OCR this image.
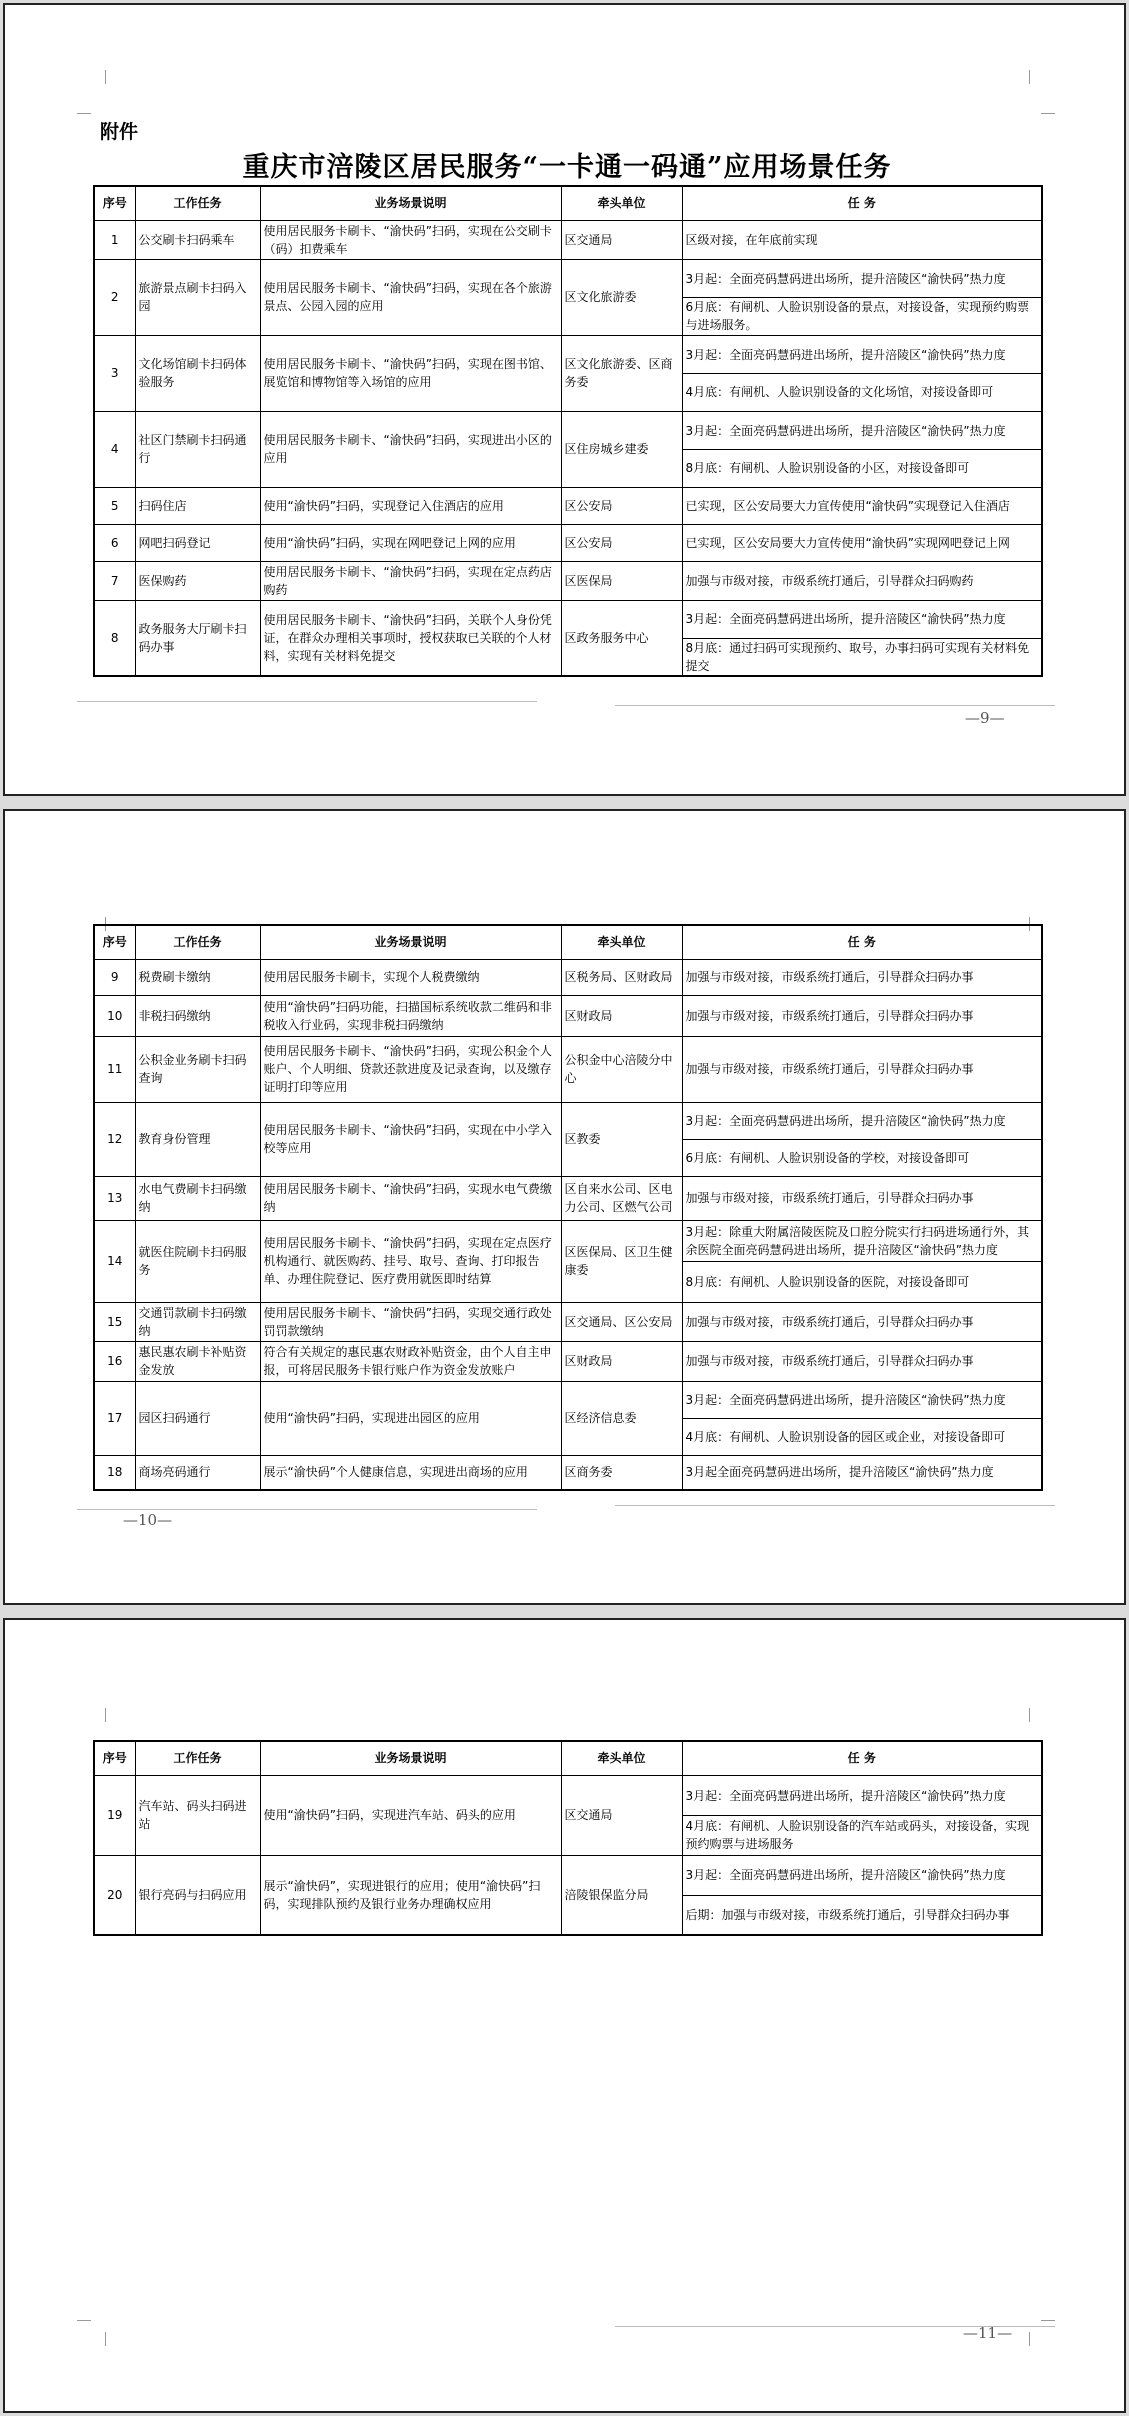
附件
重庆市涪陵区居民服务“一卡通一码通”应用场景任务
序号	工作任务	业务场景说明	牵头单位	任 务
1	公交刷卡扫码乘车	使用居民服务卡刷卡、“渝快码”扫码，实现在公交刷卡（码）扣费乘车	区交通局	区级对接，在年底前实现

2	旅游景点刷卡扫码入园	使用居民服务卡刷卡、“渝快码”扫码，实现在各个旅游景点、公园入园的应用	区文化旅游委	3月起：全面亮码慧码进出场所，提升涪陵区“渝快码”热力度
6月底：有闸机、人脸识别设备的景点，对接设备，实现预约购票与进场服务。

3	文化场馆刷卡扫码体验服务	使用居民服务卡刷卡、“渝快码”扫码，实现在图书馆、展览馆和博物馆等入场馆的应用	区文化旅游委、区商务委	3月起：全面亮码慧码进出场所，提升涪陵区“渝快码”热力度
4月底：有闸机、人脸识别设备的文化场馆，对接设备即可

4	社区门禁刷卡扫码通行	使用居民服务卡刷卡、“渝快码”扫码，实现进出小区的应用	区住房城乡建委	3月起：全面亮码慧码进出场所，提升涪陵区“渝快码”热力度
8月底：有闸机、人脸识别设备的小区，对接设备即可

5	扫码住店	使用“渝快码”扫码，实现登记入住酒店的应用	区公安局	已实现，区公安局要大力宣传使用“渝快码”实现登记入住酒店

6	网吧扫码登记	使用“渝快码”扫码，实现在网吧登记上网的应用	区公安局	已实现，区公安局要大力宣传使用“渝快码”实现网吧登记上网

7	医保购药	使用居民服务卡刷卡、“渝快码”扫码，实现在定点药店购药	区医保局	加强与市级对接，市级系统打通后，引导群众扫码购药

8	政务服务大厅刷卡扫码办事	使用居民服务卡刷卡、“渝快码”扫码，关联个人身份凭证，在群众办理相关事项时，授权获取已关联的个人材料，实现有关材料免提交	区政务服务中心	3月起：全面亮码慧码进出场所，提升涪陵区“渝快码”热力度
8月底：通过扫码可实现预约、取号，办事扫码可实现有关材料免提交
—9—
序号	工作任务	业务场景说明	牵头单位	任 务
9	税费刷卡缴纳	使用居民服务卡刷卡，实现个人税费缴纳	区税务局、区财政局	加强与市级对接，市级系统打通后，引导群众扫码办事

10	非税扫码缴纳	使用“渝快码”扫码功能，扫描国标系统收款二维码和非税收入行业码，实现非税扫码缴纳	区财政局	加强与市级对接，市级系统打通后，引导群众扫码办事

11	公积金业务刷卡扫码查询	使用居民服务卡刷卡、“渝快码”扫码，实现公积金个人账户、个人明细、贷款还款进度及记录查询，以及缴存证明打印等应用	公积金中心涪陵分中心	加强与市级对接，市级系统打通后，引导群众扫码办事

12	教育身份管理	使用居民服务卡刷卡、“渝快码”扫码，实现在中小学入校等应用	区教委	3月起：全面亮码慧码进出场所，提升涪陵区“渝快码”热力度
6月底：有闸机、人脸识别设备的学校，对接设备即可

13	水电气费刷卡扫码缴纳	使用居民服务卡刷卡、“渝快码”扫码，实现水电气费缴纳	区自来水公司、区电力公司、区燃气公司	加强与市级对接，市级系统打通后，引导群众扫码办事

14	就医住院刷卡扫码服务	使用居民服务卡刷卡、“渝快码”扫码，实现在定点医疗机构通行、就医购药、挂号、取号、查询、打印报告单、办理住院登记、医疗费用就医即时结算	区医保局、区卫生健康委	3月起：除重大附属涪陵医院及口腔分院实行扫码进场通行外，其余医院全面亮码慧码进出场所，提升涪陵区“渝快码”热力度
8月底：有闸机、人脸识别设备的医院，对接设备即可

15	交通罚款刷卡扫码缴纳	使用居民服务卡刷卡、“渝快码”扫码，实现交通行政处罚罚款缴纳	区交通局、区公安局	加强与市级对接，市级系统打通后，引导群众扫码办事

16	惠民惠农刷卡补贴资金发放	符合有关规定的惠民惠农财政补贴资金，由个人自主申报，可将居民服务卡银行账户作为资金发放账户	区财政局	加强与市级对接，市级系统打通后，引导群众扫码办事

17	园区扫码通行	使用“渝快码”扫码，实现进出园区的应用	区经济信息委	3月起：全面亮码慧码进出场所，提升涪陵区“渝快码”热力度
4月底：有闸机、人脸识别设备的园区或企业，对接设备即可

18	商场亮码通行	展示“渝快码”个人健康信息，实现进出商场的应用	区商务委	3月起全面亮码慧码进出场所，提升涪陵区“渝快码”热力度
—10—
序号	工作任务	业务场景说明	牵头单位	任 务
19	汽车站、码头扫码进站	使用“渝快码”扫码，实现进汽车站、码头的应用	区交通局	3月起：全面亮码慧码进出场所，提升涪陵区“渝快码”热力度
4月底：有闸机、人脸识别设备的汽车站或码头，对接设备，实现预约购票与进场服务

20	银行亮码与扫码应用	展示“渝快码”，实现进银行的应用；使用“渝快码”扫码，实现排队预约及银行业务办理确权应用	涪陵银保监分局	3月起：全面亮码慧码进出场所，提升涪陵区“渝快码”热力度
后期：加强与市级对接，市级系统打通后，引导群众扫码办事
—11—
